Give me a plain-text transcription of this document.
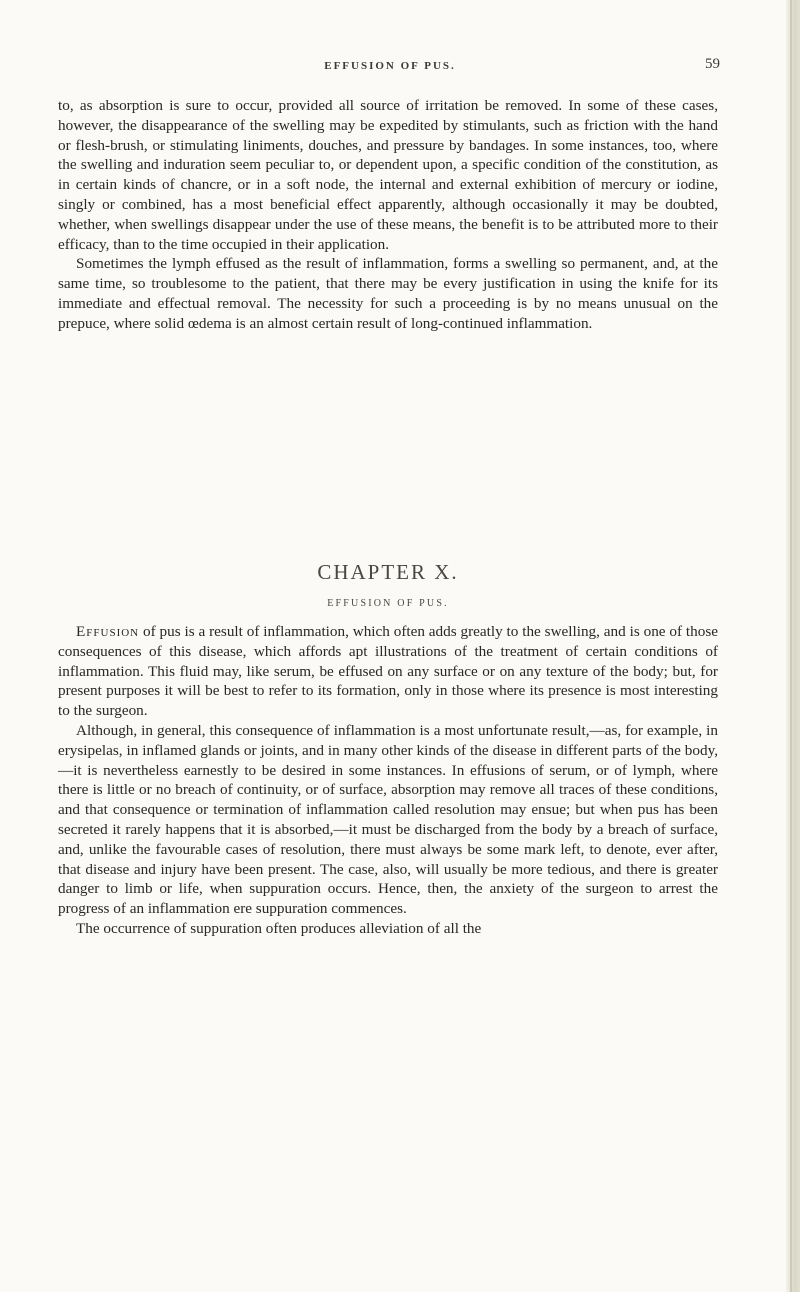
EFFUSION OF PUS.	59

to, as absorption is sure to occur, provided all source of irritation be removed. In some of these cases, however, the disappearance of the swelling may be expedited by stimulants, such as friction with the hand or flesh-brush, or stimulating liniments, douches, and pressure by bandages. In some instances, too, where the swelling and induration seem peculiar to, or dependent upon, a specific condition of the constitution, as in certain kinds of chancre, or in a soft node, the internal and external exhibition of mercury or iodine, singly or combined, has a most beneficial effect apparently, although occasionally it may be doubted, whether, when swellings disappear under the use of these means, the benefit is to be attributed more to their efficacy, than to the time occupied in their application.

Sometimes the lymph effused as the result of inflammation, forms a swelling so permanent, and, at the same time, so troublesome to the patient, that there may be every justification in using the knife for its immediate and effectual removal. The necessity for such a proceeding is by no means unusual on the prepuce, where solid œdema is an almost certain result of long-continued inflammation.

CHAPTER X.
EFFUSION OF PUS.

Effusion of pus is a result of inflammation, which often adds greatly to the swelling, and is one of those consequences of this disease, which affords apt illustrations of the treatment of certain conditions of inflammation. This fluid may, like serum, be effused on any surface or on any texture of the body; but, for present purposes it will be best to refer to its formation, only in those where its presence is most interesting to the surgeon.

Although, in general, this consequence of inflammation is a most unfortunate result,—as, for example, in erysipelas, in inflamed glands or joints, and in many other kinds of the disease in different parts of the body,—it is nevertheless earnestly to be desired in some instances. In effusions of serum, or of lymph, where there is little or no breach of continuity, or of surface, absorption may remove all traces of these conditions, and that consequence or termination of inflammation called resolution may ensue; but when pus has been secreted it rarely happens that it is absorbed,—it must be discharged from the body by a breach of surface, and, unlike the favourable cases of resolution, there must always be some mark left, to denote, ever after, that disease and injury have been present. The case, also, will usually be more tedious, and there is greater danger to limb or life, when suppuration occurs. Hence, then, the anxiety of the surgeon to arrest the progress of an inflammation ere suppuration commences.

The occurrence of suppuration often produces alleviation of all the
